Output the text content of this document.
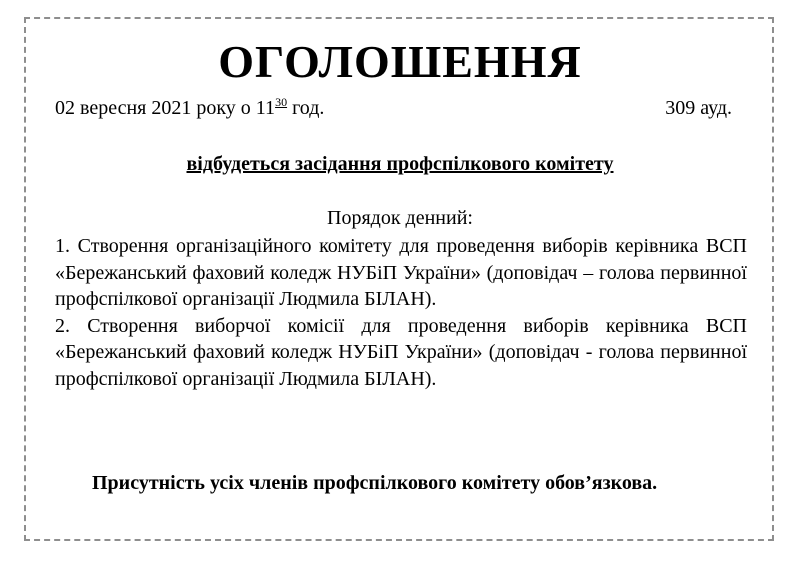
ОГОЛОШЕННЯ
02 вересня 2021 року о $11^{30}$ год.	309 ауд.
відбудеться засідання профспілкового комітету
Порядок денний:

1. Створення організаційного комітету для проведення виборів керівника ВСП «Бережанський фаховий коледж НУБіП України» (доповідач – голова первинної профспілкової організації Людмила БІЛАН).

2. Створення виборчої комісії для проведення виборів керівника ВСП «Бережанський фаховий коледж НУБіП України» (доповідач - голова первинної профспілкової організації Людмила БІЛАН).

Присутність усіх членів профспілкового комітету обов’язкова.
